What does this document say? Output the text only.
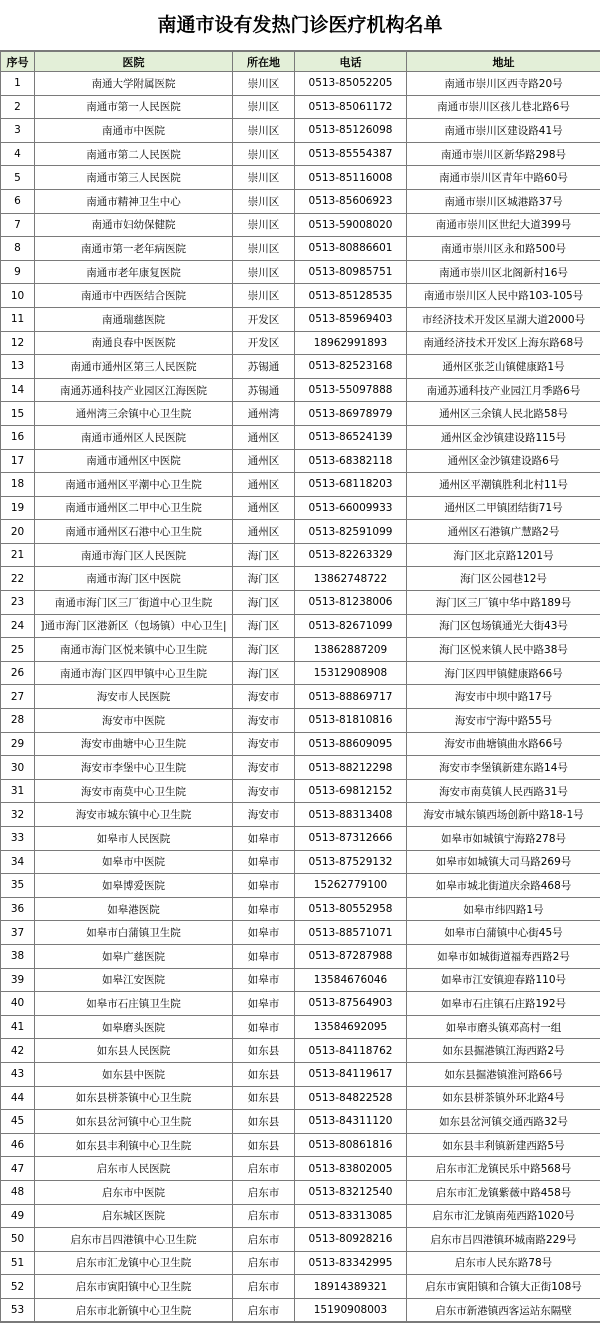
南通市设有发热门诊医疗机构名单
序号	医院	所在地	电话	地址
1	南通大学附属医院	崇川区	0513-85052205	南通市崇川区西寺路20号
2	南通市第一人民医院	崇川区	0513-85061172	南通市崇川区孩儿巷北路6号
3	南通市中医院	崇川区	0513-85126098	南通市崇川区建设路41号
4	南通市第二人民医院	崇川区	0513-85554387	南通市崇川区新华路298号
5	南通市第三人民医院	崇川区	0513-85116008	南通市崇川区青年中路60号
6	南通市精神卫生中心	崇川区	0513-85606923	南通市崇川区城港路37号
7	南通市妇幼保健院	崇川区	0513-59008020	南通市崇川区世纪大道399号
8	南通市第一老年病医院	崇川区	0513-80886601	南通市崇川区永和路500号
9	南通市老年康复医院	崇川区	0513-80985751	南通市崇川区北阁新村16号
10	南通市中西医结合医院	崇川区	0513-85128535	南通市崇川区人民中路103-105号
11	南通瑞慈医院	开发区	0513-85969403	市经济技术开发区星湖大道2000号
12	南通良春中医医院	开发区	18962991893	南通经济技术开发区上海东路68号
13	南通市通州区第三人民医院	苏锡通	0513-82523168	通州区张芝山镇健康路1号
14	南通苏通科技产业园区江海医院	苏锡通	0513-55097888	南通苏通科技产业园江月季路6号
15	通州湾三余镇中心卫生院	通州湾	0513-86978979	通州区三余镇人民北路58号
16	南通市通州区人民医院	通州区	0513-86524139	通州区金沙镇建设路115号
17	南通市通州区中医院	通州区	0513-68382118	通州区金沙镇建设路6号
18	南通市通州区平潮中心卫生院	通州区	0513-68118203	通州区平潮镇胜利北村11号
19	南通市通州区二甲中心卫生院	通州区	0513-66009933	通州区二甲镇团结街71号
20	南通市通州区石港中心卫生院	通州区	0513-82591099	通州区石港镇广慧路2号
21	南通市海门区人民医院	海门区	0513-82263329	海门区北京路1201号
22	南通市海门区中医院	海门区	13862748722	海门区公园巷12号
23	南通市海门区三厂街道中心卫生院	海门区	0513-81238006	海门区三厂镇中华中路189号
24	]通市海门区港新区（包场镇）中心卫生|	海门区	0513-82671099	海门区包场镇通光大街43号
25	南通市海门区悦来镇中心卫生院	海门区	13862887209	海门区悦来镇人民中路38号
26	南通市海门区四甲镇中心卫生院	海门区	15312908908	海门区四甲镇健康路66号
27	海安市人民医院	海安市	0513-88869717	海安市中坝中路17号
28	海安市中医院	海安市	0513-81810816	海安市宁海中路55号
29	海安市曲塘中心卫生院	海安市	0513-88609095	海安市曲塘镇曲水路66号
30	海安市李堡中心卫生院	海安市	0513-88212298	海安市李堡镇新建东路14号
31	海安市南莫中心卫生院	海安市	0513-69812152	海安市南莫镇人民西路31号
32	海安市城东镇中心卫生院	海安市	0513-88313408	海安市城东镇西场创新中路18-1号
33	如皋市人民医院	如皋市	0513-87312666	如皋市如城镇宁海路278号
34	如皋市中医院	如皋市	0513-87529132	如皋市如城镇大司马路269号
35	如皋博爱医院	如皋市	15262779100	如皋市城北街道庆余路468号
36	如皋港医院	如皋市	0513-80552958	如皋市纬四路1号
37	如皋市白蒲镇卫生院	如皋市	0513-88571071	如皋市白蒲镇中心街45号
38	如皋广慈医院	如皋市	0513-87287988	如皋市如城街道福寿西路2号
39	如皋江安医院	如皋市	13584676046	如皋市江安镇迎春路110号
40	如皋市石庄镇卫生院	如皋市	0513-87564903	如皋市石庄镇石庄路192号
41	如皋磨头医院	如皋市	13584692095	如皋市磨头镇邓高村一组
42	如东县人民医院	如东县	0513-84118762	如东县掘港镇江海西路2号
43	如东县中医院	如东县	0513-84119617	如东县掘港镇淮河路66号
44	如东县栟茶镇中心卫生院	如东县	0513-84822528	如东县栟茶镇外环北路4号
45	如东县岔河镇中心卫生院	如东县	0513-84311120	如东县岔河镇交通西路32号
46	如东县丰利镇中心卫生院	如东县	0513-80861816	如东县丰利镇新建西路5号
47	启东市人民医院	启东市	0513-83802005	启东市汇龙镇民乐中路568号
48	启东市中医院	启东市	0513-83212540	启东市汇龙镇紫薇中路458号
49	启东城区医院	启东市	0513-83313085	启东市汇龙镇南苑西路1020号
50	启东市吕四港镇中心卫生院	启东市	0513-80928216	启东市吕四港镇环城南路229号
51	启东市汇龙镇中心卫生院	启东市	0513-83342995	启东市人民东路78号
52	启东市寅阳镇中心卫生院	启东市	18914389321	启东市寅阳镇和合镇大正街108号
53	启东市北新镇中心卫生院	启东市	15190908003	启东市新港镇西客运站东隔壁
